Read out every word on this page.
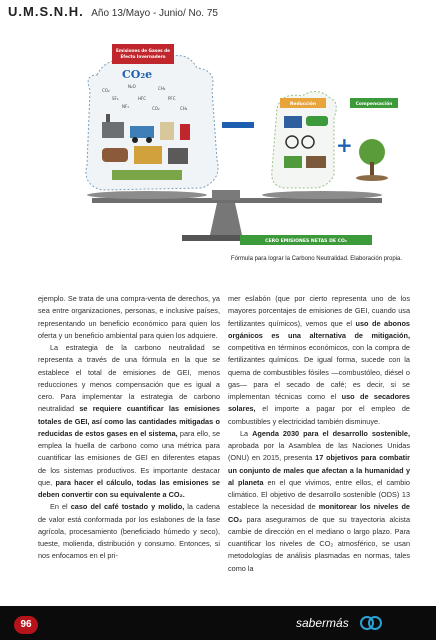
U.M.S.N.H. Año 13/Mayo - Junio/ No. 75
Emisiones de Gases de
Efecto Invernadero
CO₂e
CO₂
N₂O	CH₄
SF₆	HFC	PFC
NF₃	CO₂	CH₄
Reducción
+
Compensación
CERO EMISIONES NETAS DE CO₂
Fórmula para lograr la Carbono Neutralidad. Elaboración propia.

ejemplo. Se trata de una compra-venta de derechos, ya sea entre organizaciones, personas, e inclusive países, representando un beneficio económico para quien los oferta y un beneficio ambiental para quien los adquiere.

La estrategia de la carbono neutralidad se representa a través de una fórmula en la que se establece el total de emisiones de GEI, menos reducciones y menos compensación que es igual a cero. Para implementar la estrategia de carbono neutralidad se requiere cuantificar las emisiones totales de GEI, así como las cantidades mitigadas o reducidas de estos gases en el sistema, para ello, se emplea la huella de carbono como una métrica para cuantificar las emisiones de GEI en diferentes etapas de los sistemas productivos. Es importante destacar que, para hacer el cálculo, todas las emisiones se deben convertir con su equivalente a CO₂.

En el caso del café tostado y molido, la cadena de valor está conformada por los eslabones de la fase agrícola, procesamiento (beneficiado húmedo y seco), tueste, molienda, distribución y consumo. Entonces, si nos enfocamos en el pri-

mer eslabón (que por cierto representa uno de los mayores porcentajes de emisiones de GEI, cuando usa fertilizantes químicos), vemos que el uso de abonos orgánicos es una alternativa de mitigación, competitiva en términos económicos, con la compra de fertilizantes químicos. De igual forma, sucede con la quema de combustibles fósiles —combustóleo, diésel o gas— para el secado de café; es decir, si se implementan técnicas como el uso de secadores solares, el importe a pagar por el empleo de combustibles y electricidad también disminuye.

La Agenda 2030 para el desarrollo sostenible, aprobada por la Asamblea de las Naciones Unidas (ONU) en 2015, presenta 17 objetivos para combatir un conjunto de males que afectan a la humanidad y al planeta en el que vivimos, entre ellos, el cambio climático. El objetivo de desarrollo sostenible (ODS) 13 establece la necesidad de monitorear los niveles de CO₂ para asegurarnos de que su trayectoria alcista cambie de dirección en el mediano o largo plazo. Para cuantificar los niveles de CO₂ atmosférico, se usan metodologías de análisis plasmadas en normas, tales como la

96	sabermás
